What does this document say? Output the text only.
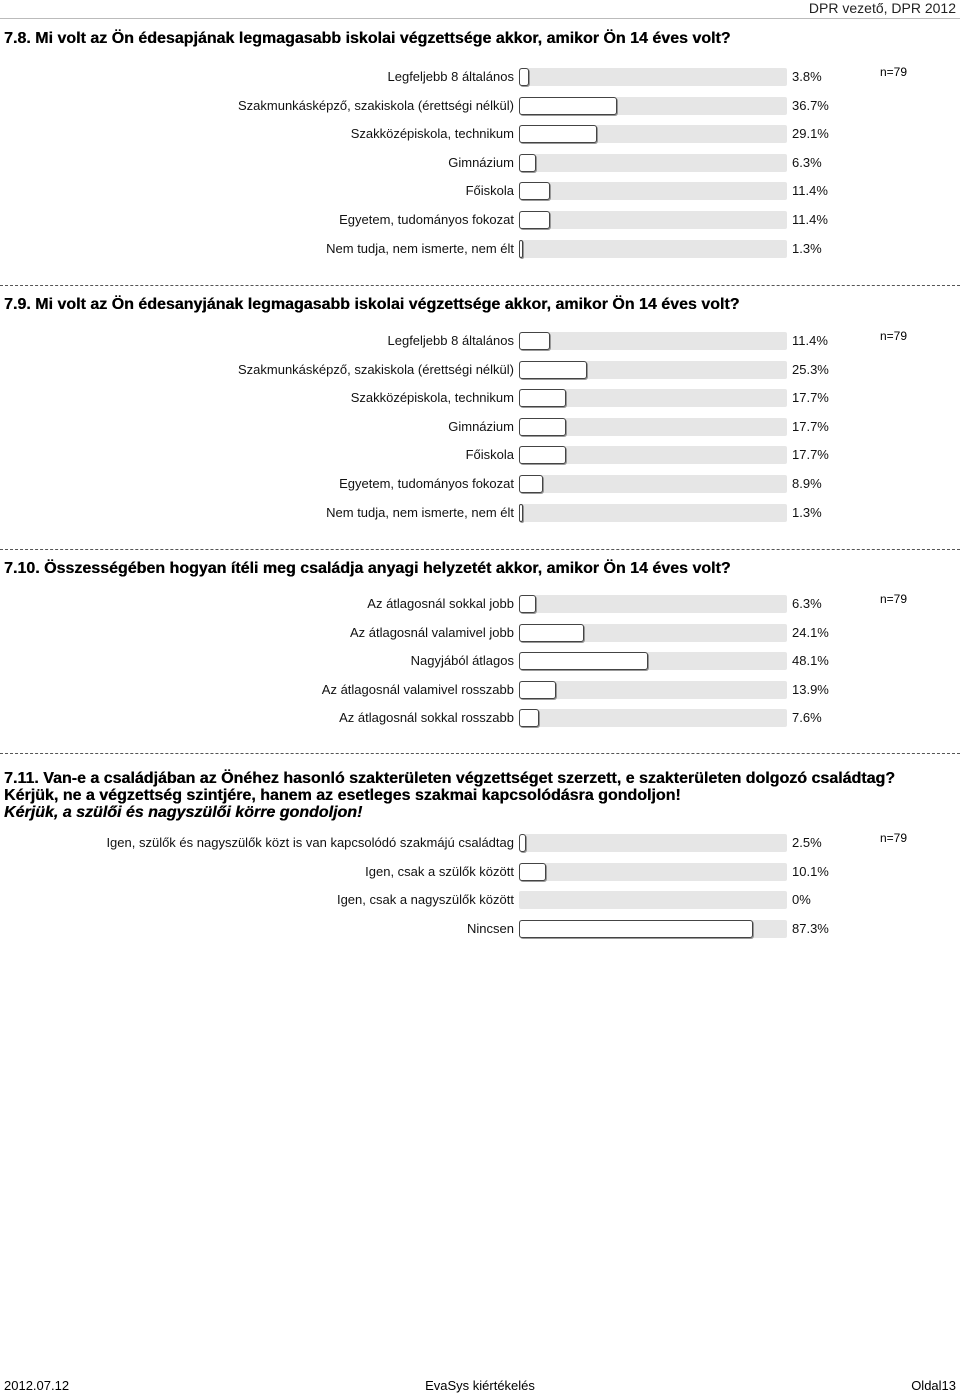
DPR vezető, DPR 2012
7.8. Mi volt az Ön édesapjának legmagasabb iskolai végzettsége akkor, amikor Ön 14 éves volt?
n=79
Legfeljebb 8 általános	3.8%
Szakmunkásképző, szakiskola (érettségi nélkül)	36.7%
Szakközépiskola, technikum	29.1%
Gimnázium	6.3%
Főiskola	11.4%
Egyetem, tudományos fokozat	11.4%
Nem tudja, nem ismerte, nem élt	1.3%
7.9. Mi volt az Ön édesanyjának legmagasabb iskolai végzettsége akkor, amikor Ön 14 éves volt?
n=79
Legfeljebb 8 általános	11.4%
Szakmunkásképző, szakiskola (érettségi nélkül)	25.3%
Szakközépiskola, technikum	17.7%
Gimnázium	17.7%
Főiskola	17.7%
Egyetem, tudományos fokozat	8.9%
Nem tudja, nem ismerte, nem élt	1.3%
7.10. Összességében hogyan ítéli meg családja anyagi helyzetét akkor, amikor Ön 14 éves volt?
n=79
Az átlagosnál sokkal jobb	6.3%
Az átlagosnál valamivel jobb	24.1%
Nagyjából átlagos	48.1%
Az átlagosnál valamivel rosszabb	13.9%
Az átlagosnál sokkal rosszabb	7.6%
7.11. Van-e a családjában az Önéhez hasonló szakterületen végzettséget szerzett, e szakterületen dolgozó családtag? Kérjük, ne a végzettség szintjére, hanem az esetleges szakmai kapcsolódásra gondoljon!
Kérjük, a szülői és nagyszülői körre gondoljon!
n=79
Igen, szülők és nagyszülők közt is van kapcsolódó szakmájú családtag	2.5%
Igen, csak a szülők között	10.1%
Igen, csak a nagyszülők között	0%
Nincsen	87.3%
2012.07.12	EvaSys kiértékelés	Oldal13
